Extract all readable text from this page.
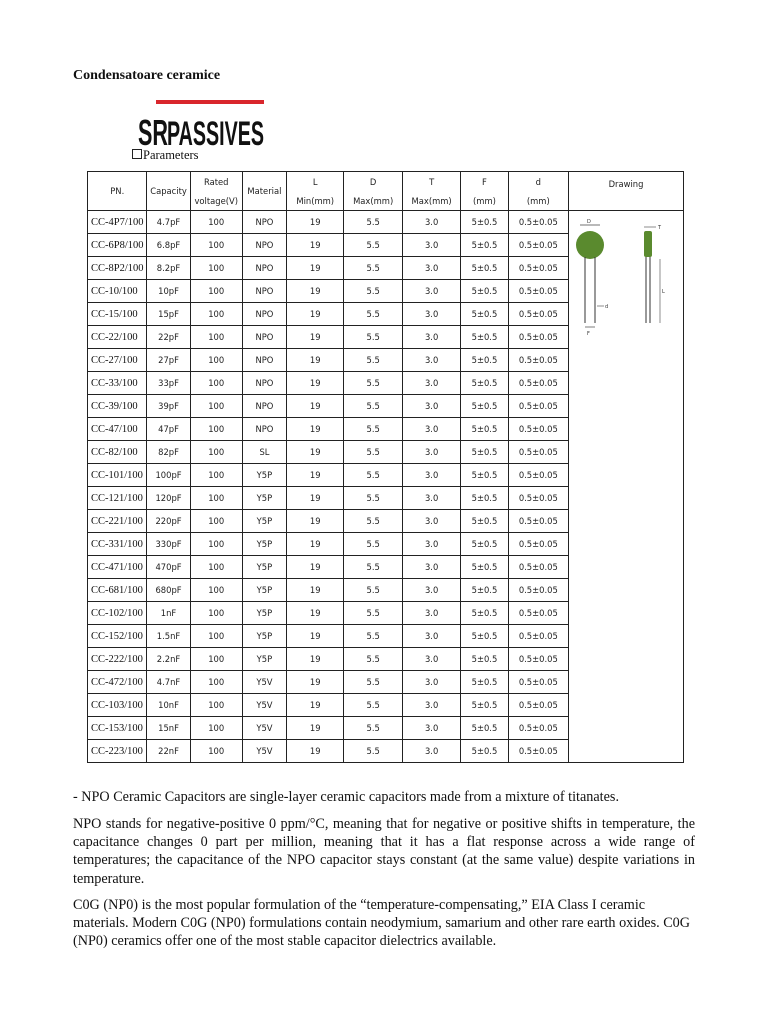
Condensatoare ceramice
SR PASSIVES
Parameters
PN.	Capacity	Rated	Material	L	D	T	F	d	Drawing
		voltage(V)		Min(mm)	Max(mm)	Max(mm)	(mm)	(mm)	
CC-4P7/100	4.7pF	100	NPO	19	5.5	3.0	5±0.5	0.5±0.05	D
F
d
T
L

CC-6P8/100	6.8pF	100	NPO	19	5.5	3.0	5±0.5	0.5±0.05	
CC-8P2/100	8.2pF	100	NPO	19	5.5	3.0	5±0.5	0.5±0.05	
CC-10/100	10pF	100	NPO	19	5.5	3.0	5±0.5	0.5±0.05	
CC-15/100	15pF	100	NPO	19	5.5	3.0	5±0.5	0.5±0.05	
CC-22/100	22pF	100	NPO	19	5.5	3.0	5±0.5	0.5±0.05	
CC-27/100	27pF	100	NPO	19	5.5	3.0	5±0.5	0.5±0.05	
CC-33/100	33pF	100	NPO	19	5.5	3.0	5±0.5	0.5±0.05	
CC-39/100	39pF	100	NPO	19	5.5	3.0	5±0.5	0.5±0.05	
CC-47/100	47pF	100	NPO	19	5.5	3.0	5±0.5	0.5±0.05	
CC-82/100	82pF	100	SL	19	5.5	3.0	5±0.5	0.5±0.05	
CC-101/100	100pF	100	Y5P	19	5.5	3.0	5±0.5	0.5±0.05	
CC-121/100	120pF	100	Y5P	19	5.5	3.0	5±0.5	0.5±0.05	
CC-221/100	220pF	100	Y5P	19	5.5	3.0	5±0.5	0.5±0.05	
CC-331/100	330pF	100	Y5P	19	5.5	3.0	5±0.5	0.5±0.05	
CC-471/100	470pF	100	Y5P	19	5.5	3.0	5±0.5	0.5±0.05	
CC-681/100	680pF	100	Y5P	19	5.5	3.0	5±0.5	0.5±0.05	
CC-102/100	1nF	100	Y5P	19	5.5	3.0	5±0.5	0.5±0.05	
CC-152/100	1.5nF	100	Y5P	19	5.5	3.0	5±0.5	0.5±0.05	
CC-222/100	2.2nF	100	Y5P	19	5.5	3.0	5±0.5	0.5±0.05	
CC-472/100	4.7nF	100	Y5V	19	5.5	3.0	5±0.5	0.5±0.05	
CC-103/100	10nF	100	Y5V	19	5.5	3.0	5±0.5	0.5±0.05	
CC-153/100	15nF	100	Y5V	19	5.5	3.0	5±0.5	0.5±0.05	
CC-223/100	22nF	100	Y5V	19	5.5	3.0	5±0.5	0.5±0.05	
- NPO Ceramic Capacitors are single-layer ceramic capacitors made from a mixture of titanates.
NPO stands for negative-positive 0 ppm/°C, meaning that for negative or positive shifts in temperature, the capacitance changes 0 part per million, meaning that it has a flat response across a wide range of temperatures; the capacitance of the NPO capacitor stays constant (at the same value) despite variations in temperature.
C0G (NP0) is the most popular formulation of the “temperature-compensating,” EIA Class I ceramic materials. Modern C0G (NP0) formulations contain neodymium, samarium and other rare earth oxides. C0G (NP0) ceramics offer one of the most stable capacitor dielectrics available.
